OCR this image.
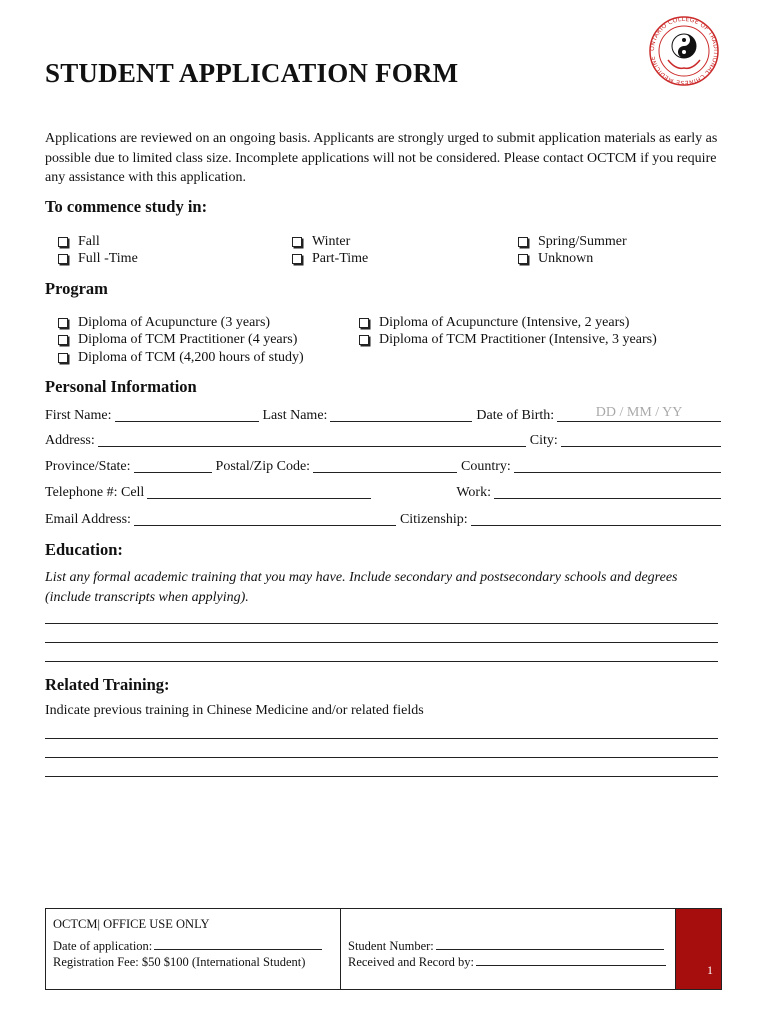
ONTARIO COLLEGE OF TRADITIONAL CHINESE MEDICINE
STUDENT APPLICATION FORM
Applications are reviewed on an ongoing basis. Applicants are strongly urged to submit application materials as early as possible due to limited class size. Incomplete applications will not be considered. Please contact OCTCM if you require any assistance with this application.
To commence study in:
Fall	Winter	Spring/Summer
Full -Time	Part-Time	Unknown
Program
Diploma of Acupuncture (3 years)	Diploma of Acupuncture (Intensive, 2 years)
Diploma of TCM Practitioner (4 years)	Diploma of TCM Practitioner (Intensive, 3 years)
Diploma of TCM (4,200 hours of study)
Personal Information
First Name:	Last Name:	Date of Birth:	DD / MM / YY
Address:	City:
Province/State:	Postal/Zip Code:	Country:
Telephone #: Cell	Work:
Email Address:	Citizenship:
Education:
List any formal academic training that you may have. Include secondary and postsecondary schools and degrees (include transcripts when applying).
Related Training:
Indicate previous training in Chinese Medicine and/or related fields
OCTCM| OFFICE USE ONLY
Date of application:
Registration Fee: $50 $100 (International Student)
Student Number:
Received and Record by:
1
